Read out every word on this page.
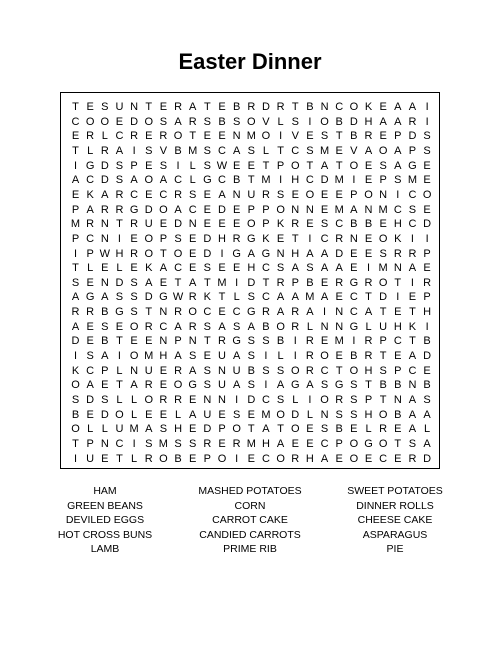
Easter Dinner
T E S U N T E R A T E B R D R T B N C O K E A A I
C O O E D O S A R S B S O V L S I O B D H A A R I
E R L C R E R O T E E N M O I V E S T B R E P D S
T L R A I S V B M S C A S L T C S M E V A O A P S
I G D S P E S I L S W E E T P O T A T O E S A G E
A C D S A O A C L G C B T M I H C D M I E P S M E
E K A R C E C R S E A N U R S E O E E P O N I C O
P A R R G D O A C E D E P P O N N E M A N M C S E
M R N T R U E D N E E E O P K R E S C B B E H C D
P C N I E O P S E D H R G K E T I C R N E O K I	I
I P W H R O T O E D I G A G N H A A D E E S R R P
T L E L E K A C E S E E H C S A S A A E I M N A E
S E N D S A E T A T M I D T R P B E R G R O T I R
A G A S S D G W R K T L S C A A M A E C T D I E P
R R B G S T N R O C E C G R A R A I N C A T E T H
A E S E O R C A R S A S A B O R L N N G L U H K I
D E B T E E N P N T R G S S B I R E M I R P C T B
I S A I O M H A S E U A S I L I R O E B R T E A D
K C P L N U E R A S N U B S S O R C T O H S P C E
O A E T A R E O G S U A S I A G A S G S T B B N B
S D S L L O R R E N N I D C S L I O R S P T N A S
B E D O L E E L A U E S E M O D L N S S H O B A A
O L L U M A S H E D P O T A T O E S B E L R E A L
T P N C I S M S S R E R M H A E E C P O G O T S A
I U E T L R O B E P O I E C O R H A E O E C E R D
HAM	MASHED POTATOES	SWEET POTATOES
GREEN BEANS	CORN	DINNER ROLLS
DEVILED EGGS	CARROT CAKE	CHEESE CAKE
HOT CROSS BUNS	CANDIED CARROTS	ASPARAGUS
LAMB	PRIME RIB	PIE
